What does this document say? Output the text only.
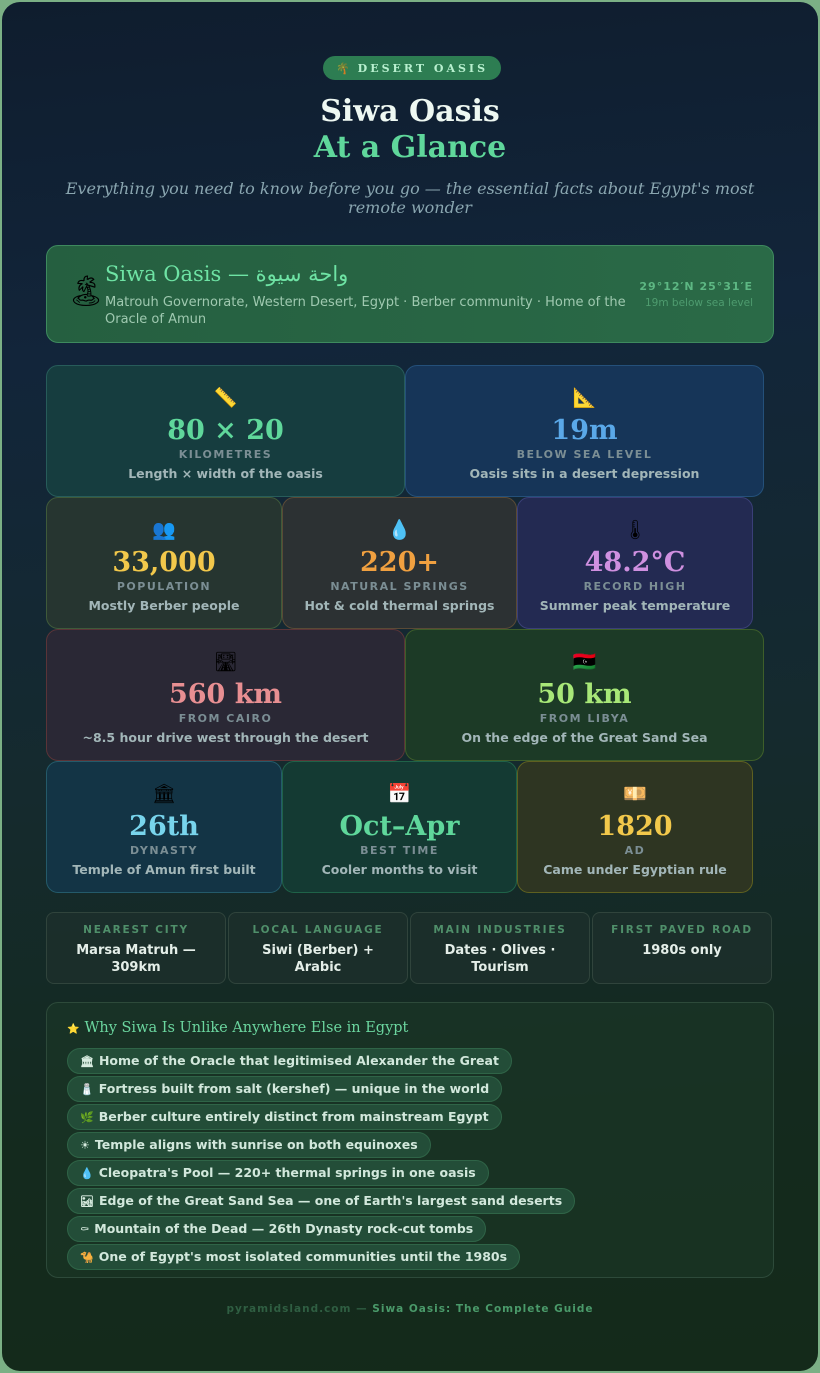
🌴 DESERT OASIS
Siwa Oasis
At a Glance
Everything you need to know before you go — the essential facts about Egypt's most remote wonder
🏝 Siwa Oasis — واحة سيوة
Matrouh Governorate, Western Desert, Egypt · Berber community · Home of the Oracle of Amun
29°12′N 25°31′E
19m below sea level
📏
80 × 20
KILOMETRES
Length × width of the oasis
📐
19m
BELOW SEA LEVEL
Oasis sits in a desert depression
👥
33,000
POPULATION
Mostly Berber people
💧
220+
NATURAL SPRINGS
Hot & cold thermal springs
🌡
48.2°C
RECORD HIGH
Summer peak temperature
🛣
560 km
FROM CAIRO
~8.5 hour drive west through the desert
🇱🇾
50 km
FROM LIBYA
On the edge of the Great Sand Sea
🏛
26th
DYNASTY
Temple of Amun first built
📅
Oct–Apr
BEST TIME
Cooler months to visit
💴
1820
AD
Came under Egyptian rule
NEAREST CITY
Marsa Matruh — 309km
LOCAL LANGUAGE
Siwi (Berber) + Arabic
MAIN INDUSTRIES
Dates · Olives · Tourism
FIRST PAVED ROAD
1980s only
⭐ Why Siwa Is Unlike Anywhere Else in Egypt
🏛 Home of the Oracle that legitimised Alexander the Great
🧂 Fortress built from salt (kershef) — unique in the world
🌿 Berber culture entirely distinct from mainstream Egypt
☀ Temple aligns with sunrise on both equinoxes
💧 Cleopatra's Pool — 220+ thermal springs in one oasis
🏜 Edge of the Great Sand Sea — one of Earth's largest sand deserts
⚰ Mountain of the Dead — 26th Dynasty rock-cut tombs
🐪 One of Egypt's most isolated communities until the 1980s
pyramidsland.com — Siwa Oasis: The Complete Guide
